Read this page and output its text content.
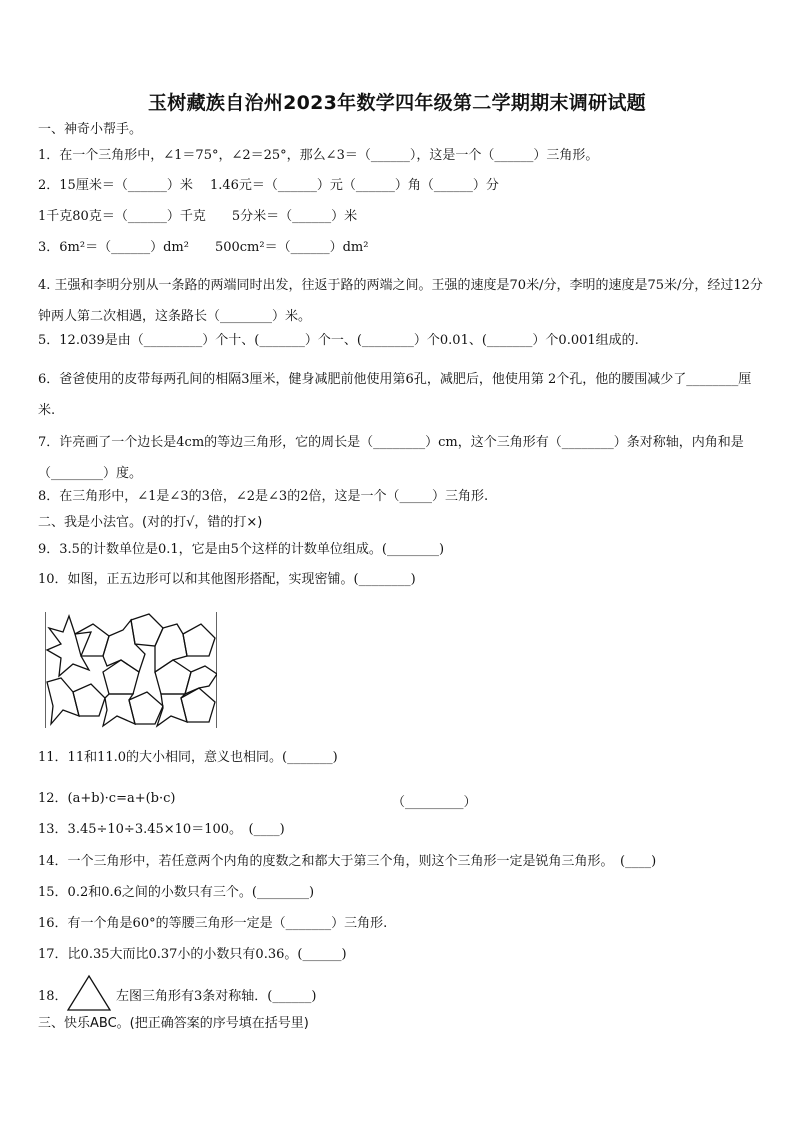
玉树藏族自治州2023年数学四年级第二学期期末调研试题
一、神奇小帮手。
1．在一个三角形中，∠1＝75°，∠2＝25°，那么∠3＝（______），这是一个（______）三角形。
2．15厘米＝（______）米　 1.46元＝（______）元（______）角（______）分
1千克80克＝（______）千克　　5分米＝（______）米
3．6m²＝（______）dm²　　500cm²＝（______）dm²
4. 王强和李明分别从一条路的两端同时出发，往返于路的两端之间。王强的速度是70米/分，李明的速度是75米/分，经过12分钟两人第二次相遇，这条路长（________）米。
5．12.039是由（_________）个十、(_______）个一、(________）个0.01、(_______）个0.001组成的.
6．爸爸使用的皮带每两孔间的相隔3厘米，健身减肥前他使用第6孔，减肥后，他使用第 2个孔，他的腰围减少了________厘米.
7．许亮画了一个边长是4cm的等边三角形，它的周长是（________）cm，这个三角形有（________）条对称轴，内角和是（________）度。
8．在三角形中，∠1是∠3的3倍，∠2是∠3的2倍，这是一个（_____）三角形.
二、我是小法官。(对的打√，错的打×)
9．3.5的计数单位是0.1，它是由5个这样的计数单位组成。(________)
10．如图，正五边形可以和其他图形搭配，实现密铺。(________)
11．11和11.0的大小相同，意义也相同。(_______)
12．(a+b)·c=a+(b·c)	（_________）
13．3.45÷10÷3.45×10＝100。　(____)
14．一个三角形中，若任意两个内角的度数之和都大于第三个角，则这个三角形一定是锐角三角形。　(____)
15．0.2和0.6之间的小数只有三个。(________)
16．有一个角是60°的等腰三角形一定是（_______）三角形.
17．比0.35大而比0.37小的小数只有0.36。(______)
18．	左图三角形有3条对称轴．(______)
三、快乐ABC。(把正确答案的序号填在括号里)
